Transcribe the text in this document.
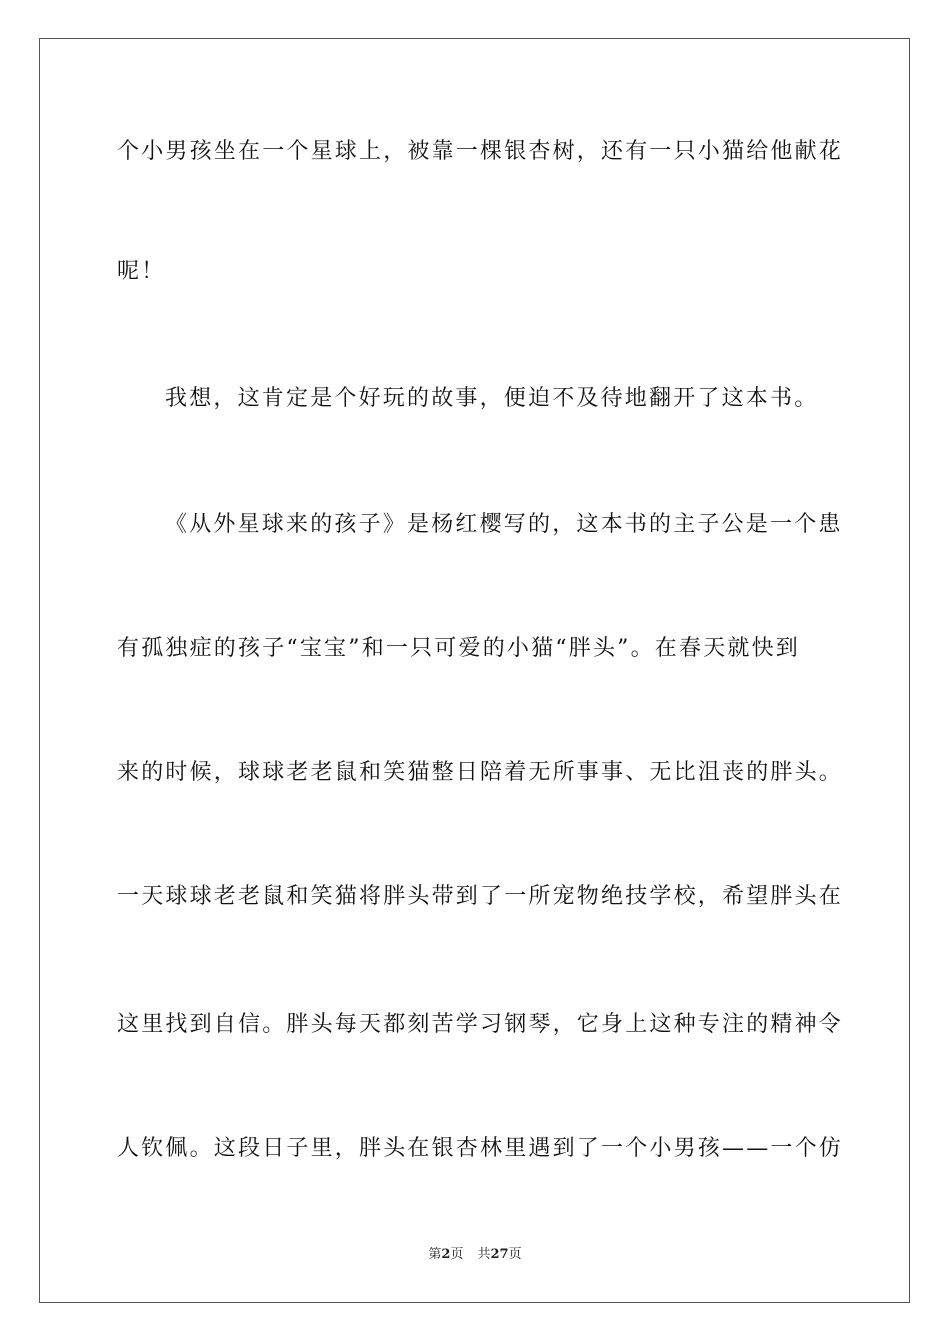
个小男孩坐在一个星球上，被靠一棵银杏树，还有一只小猫给他献花
呢！
我想，这肯定是个好玩的故事，便迫不及待地翻开了这本书。
《从外星球来的孩子》是杨红樱写的，这本书的主子公是一个患
有孤独症的孩子“宝宝”和一只可爱的小猫“胖头”。在春天就快到
来的时候，球球老老鼠和笑猫整日陪着无所事事、无比沮丧的胖头。
一天球球老老鼠和笑猫将胖头带到了一所宠物绝技学校，希望胖头在
这里找到自信。胖头每天都刻苦学习钢琴，它身上这种专注的精神令
人钦佩。这段日子里，胖头在银杏林里遇到了一个小男孩——一个仿
第2页 共27页
